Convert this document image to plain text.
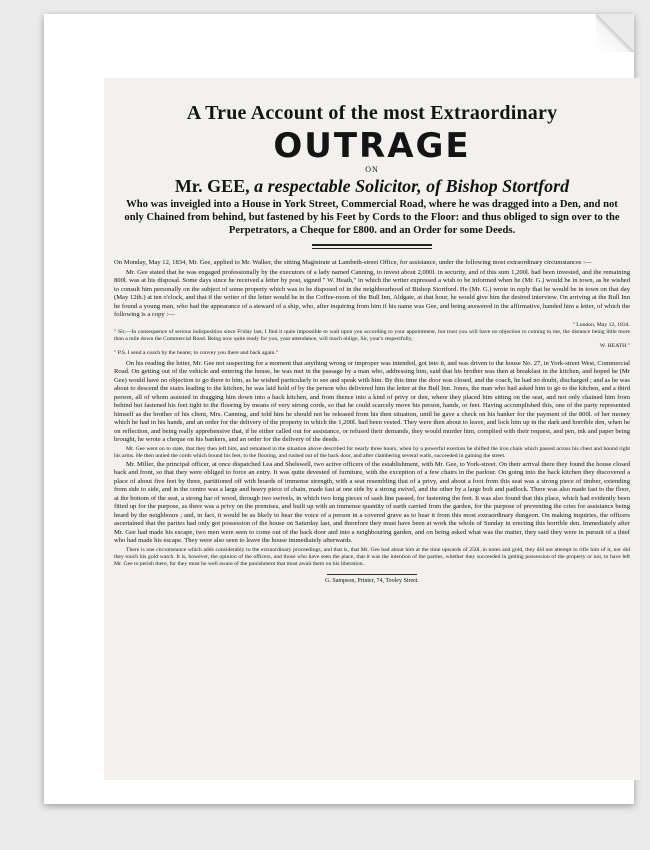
A True Account of the most Extraordinary
OUTRAGE
ON
Mr. GEE, a respectable Solicitor, of Bishop Stortford
Who was inveigled into a House in York Street, Commercial Road, where he was dragged into a Den, and not only Chained from behind, but fastened by his Feet by Cords to the Floor: and thus obliged to sign over to the Perpetrators, a Cheque for £800. and an Order for some Deeds.

On Monday, May 12, 1834, Mr. Gee, applied to Mr. Walker, the sitting Magistrate at Lambeth-street Office, for assistance, under the following most extraordinary circumstances :—

Mr. Gee stated that he was engaged professionally by the executors of a lady named Canning, to invest about 2,000l. in security, and of this sum 1,200l. had been invested, and the remaining 800l. was at his disposal. Some days since he received a letter by post, signed " W. Heath," in which the writer expressed a wish to be informed when he (Mr. G.) would be in town, as he wished to consult him personally on the subject of some property which was to be disposed of in the neighbourhood of Bishop Stortford. He (Mr. G.) wrote in reply that he would be in town on that day (May 12th.) at ten o'clock, and that if the writer of the letter would be in the Coffee-room of the Bull Inn, Aldgate, at that hour, he would give him the desired interview. On arriving at the Bull Inn he found a young man, who had the appearance of a steward of a ship, who, after inquiring from him if his name was Gee, and being answered in the affirmative, handed him a letter, of which the following is a copy :—

" London, May 12, 1834.
" Sir,—In consequence of serious indisposition since Friday last, I find it quite impossible to wait upon you according to your appointment, but trust you will have no objection to coming to me, the distance being little more than a mile down the Commercial Road. Being now quite ready for you, your attendance, will much oblige, Sir, your's respectfully,
W. HEATH."
" P.S. I send a coach by the bearer, to convey you there and back again."

On his reading the letter, Mr. Gee not suspecting for a moment that anything wrong or improper was intended, got into it, and was driven to the house No. 27, in York-street West, Commercial Road. On getting out of the vehicle and entering the house, he was met in the passage by a man who, addressing him, said that his brother was then at breakfast in the kitchen, and hoped he (Mr Gee) would have no objection to go there to him, as he wished particularly to see and speak with him. By this time the door was closed, and the coach, he had no doubt, discharged ; and as he was about to descend the stairs leading to the kitchen, he was laid hold of by the person who delivered him the letter at the Bull Inn. Jones, the man who had asked him to go to the kitchen, and a third person, all of whom assisted in dragging him down into a back kitchen, and from thence into a kind of privy or den, where they placed him sitting on the seat, and not only chained him from behind but fastened his feet tight to the flooring by means of very strong cords, so that he could scarcely move his person, hands, or feet. Having accomplished this, one of the party represented himself as the brother of his client, Mrs. Canning, and told him he should not be released from his then situation, until he gave a check on his banker for the payment of the 800l. of her money which he had in his hands, and an order for the delivery of the property in which the 1,200l. had been vested. They were then about to leave, and lock him up in the dark and horrible den, when he on reflection, and being really apprehensive that, if he either called out for assistance, or refused their demands, they would murder him, complied with their request, and pen, ink and paper being brought, he wrote a cheque on his bankers, and an order for the delivery of the deeds.

Mr. Gee went on to state, that they then left him, and remained in the situation above described for nearly three hours, when by a powerful exertion he shifted the iron chain which passed across his chest and bound right his arms. He then untied the cords which bound his feet, to the flooring, and rushed out of the back door, and after clambering several walls, succeeded in gaining the street.

Mr. Miller, the principal officer, at once dispatched Lea and Shelswell, two active officers of the establishment, with Mr. Gee, to York-street. On their arrival there they found the house closed back and front, so that they were obliged to force an entry. It was quite devested of furniture, with the exception of a few chairs in the parlour. On going into the back kitchen they discovered a place of about five feet by three, partitioned off with boards of immense strength, with a seat resembling that of a privy, and about a foot from this seat was a strong piece of timber, extending from side to side, and in the centre was a large and heavy piece of chain, made fast at one side by a strong swivel, and the other by a large bolt and padlock. There was also made fast to the floor, at the bottom of the seat, a strong bar of wood, through two swivels, in which two long pieces of sash line passed, for fastening the feet. It was also found that this place, which had evidently been fitted up for the purpose, as there was a privy on the premises, and built up with an immense quantity of earth carried from the garden, for the purpose of preventing the cries for assistance being heard by the neighbours ; and, in fact, it would be as likely to hear the voice of a person in a covered grave as to hear it from this most extraordinary dungeon. On making inquiries, the officers ascertained that the parties had only got possession of the house on Saturday last, and therefore they must have been at work the whole of Sunday in erecting this horrible den. Immediately after Mr. Gee had made his escape, two men were seen to come out of the back door and into a neighbouring garden, and on being asked what was the matter, they said they were in pursuit of a thief who had made his escape. They were also seen to leave the house immediately afterwards.

There is one circumstance which adds considerably to the extraordinary proceedings, and that is, that Mr. Gee had about him at the time upwards of 250l. in notes and gold, they did not attempt to rifle him of it, nor did they touch his gold watch. It is, however, the opinion of the officers, and those who have seen the place, that it was the intention of the parties, whether they succeeded in getting possession of the property or not, to have left Mr. Gee to perish there, for they must be well aware of the punishment that must await them on his liberation.

G. Sampson, Printer, 74, Tooley Street.
